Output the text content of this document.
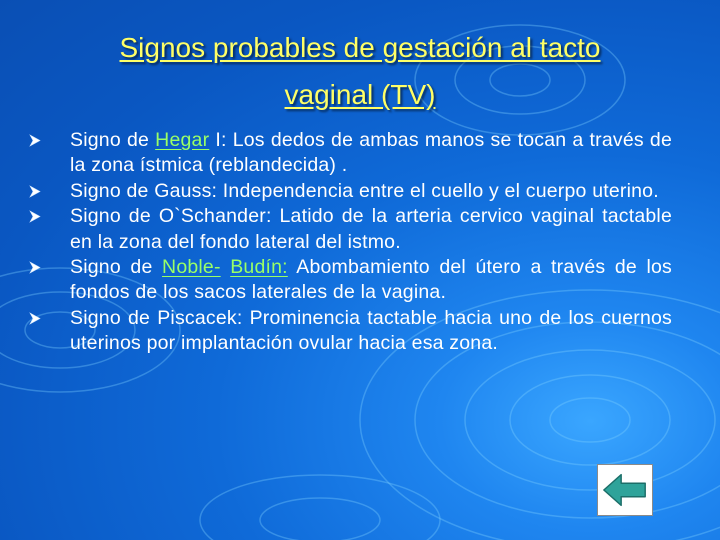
Signos probables de gestación al tacto
vaginal (TV)
Signo de Hegar I: Los dedos de ambas manos se tocan a través de la zona ístmica (reblandecida) .
Signo de Gauss: Independencia entre el cuello y el cuerpo uterino.
Signo de O`Schander: Latido de la arteria cervico vaginal tactable en la zona del fondo lateral del istmo.
Signo de Noble- Budín: Abombamiento del útero a través de los fondos de los sacos laterales de la vagina.
Signo de Piscacek: Prominencia tactable hacia uno de los cuernos uterinos por implantación ovular hacia esa zona.
